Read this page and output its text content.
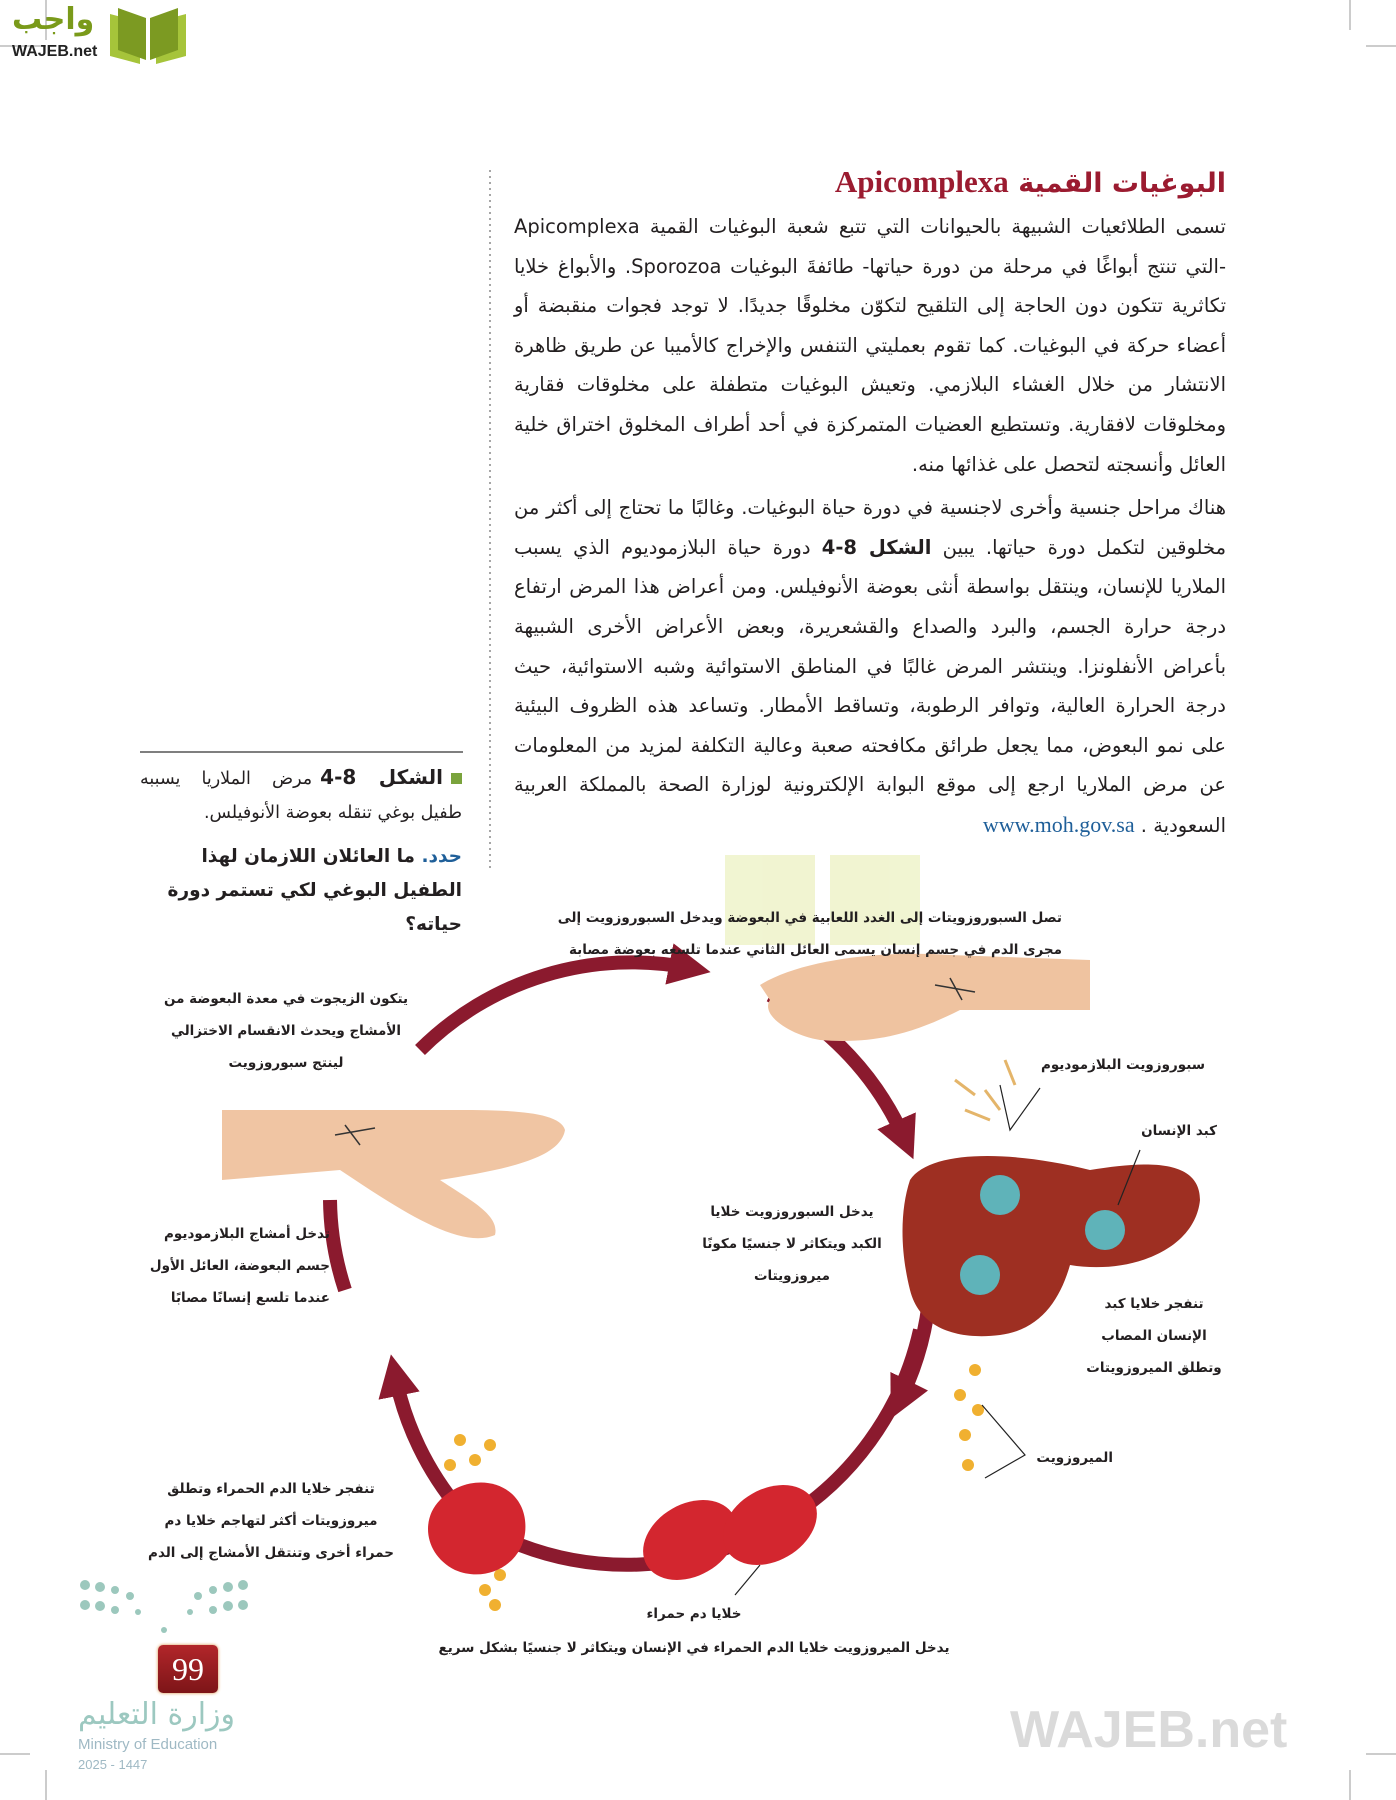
واجب
WAJEB.net
WAJEB.net
البوغيات القمية Apicomplexa

تسمى الطلائعيات الشبيهة بالحيوانات التي تتبع شعبة البوغيات القمية Apicomplexa -التي تنتج أبواغًا في مرحلة من دورة حياتها- طائفةَ البوغيات Sporozoa. والأبواغ خلايا تكاثرية تتكون دون الحاجة إلى التلقيح لتكوّن مخلوقًا جديدًا. لا توجد فجوات منقبضة أو أعضاء حركة في البوغيات. كما تقوم بعمليتي التنفس والإخراج كالأميبا عن طريق ظاهرة الانتشار من خلال الغشاء البلازمي. وتعيش البوغيات متطفلة على مخلوقات فقارية ومخلوقات لافقارية. وتستطيع العضيات المتمركزة في أحد أطراف المخلوق اختراق خلية العائل وأنسجته لتحصل على غذائها منه.

هناك مراحل جنسية وأخرى لاجنسية في دورة حياة البوغيات. وغالبًا ما تحتاج إلى أكثر من مخلوقين لتكمل دورة حياتها. يبين الشكل 8-4 دورة حياة البلازموديوم الذي يسبب الملاريا للإنسان، وينتقل بواسطة أنثى بعوضة الأنوفيلس. ومن أعراض هذا المرض ارتفاع درجة حرارة الجسم، والبرد والصداع والقشعريرة، وبعض الأعراض الأخرى الشبيهة بأعراض الأنفلونزا. وينتشر المرض غالبًا في المناطق الاستوائية وشبه الاستوائية، حيث درجة الحرارة العالية، وتوافر الرطوبة، وتساقط الأمطار. وتساعد هذه الظروف البيئية على نمو البعوض، مما يجعل طرائق مكافحته صعبة وعالية التكلفة لمزيد من المعلومات عن مرض الملاريا ارجع إلى موقع البوابة الإلكترونية لوزارة الصحة بالمملكة العربية السعودية . www.moh.gov.sa

الشكل 8-4مرض الملاريا يسببه طفيل بوغي تنقله بعوضة الأنوفيلس.
حدد. ما العائلان اللازمان لهذا الطفيل البوغي لكي تستمر دورة حياته؟	تصل السبوروزويتات إلى الغدد اللعابية في البعوضة ويدخل السبوروزويت إلى
مجرى الدم في جسم إنسان يسمى العائل الثاني عندما تلسعه بعوضة مصابة
يتكون الزيجوت في معدة البعوضة من
الأمشاج ويحدث الانقسام الاختزالي
لينتج سبوروزويت	سبوروزويت البلازموديوم
كبد الإنسان
يدخل السبوروزويت خلايا
الكبد ويتكاثر لا جنسيًا مكونًا
ميروزويتات
تنفجر خلايا كبد
الإنسان المصاب
وتطلق الميروزويتات
تدخل أمشاج البلازموديوم
جسم البعوضة، العائل الأول
عندما تلسع إنسانًا مصابًا
الميروزويت
تنفجر خلايا الدم الحمراء وتطلق
ميروزويتات أكثر لتهاجم خلايا دم
حمراء أخرى وتنتقل الأمشاج إلى الدم
خلايا دم حمراء
يدخل الميروزويت خلايا الدم الحمراء في الإنسان ويتكاثر لا جنسيًا بشكل سريع
99
وزارة التعليم
Ministry of Education
2025 - 1447
